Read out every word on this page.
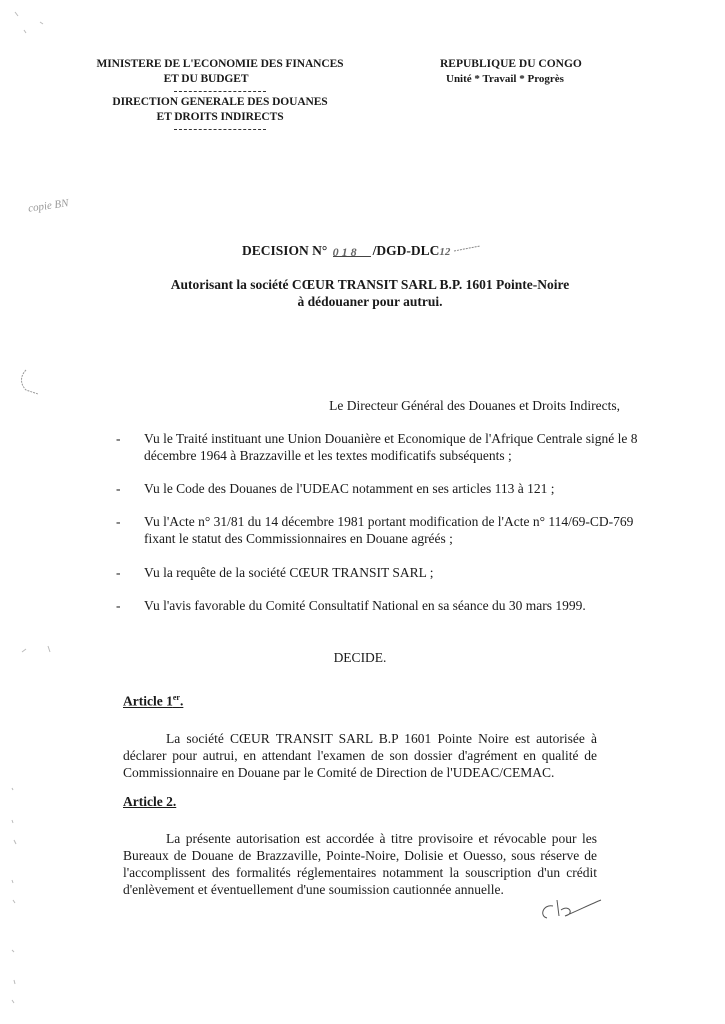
MINISTERE DE L'ECONOMIE DES FINANCES
ET DU BUDGET
DIRECTION GENERALE DES DOUANES
ET DROITS INDIRECTS
REPUBLIQUE DU CONGO
Unité * Travail * Progrès
copie BN
DECISION N° 0 1 8 /DGD-DLC12
Autorisant la société CŒUR TRANSIT SARL B.P. 1601 Pointe-Noire
à dédouaner pour autrui.
Le Directeur Général des Douanes et Droits Indirects,
- Vu le Traité instituant une Union Douanière et Economique de l'Afrique Centrale signé le 8 décembre 1964 à Brazzaville et les textes modificatifs subséquents ;
- Vu le Code des Douanes de l'UDEAC notamment en ses articles 113 à 121 ;
- Vu l'Acte n° 31/81 du 14 décembre 1981 portant modification de l'Acte n° 114/69-CD-769 fixant le statut des Commissionnaires en Douane agréés ;
- Vu la requête de la société CŒUR TRANSIT SARL ;
- Vu l'avis favorable du Comité Consultatif National en sa séance du 30 mars 1999.
DECIDE.
Article 1er.
La société CŒUR TRANSIT SARL B.P 1601 Pointe Noire est autorisée à déclarer pour autrui, en attendant l'examen de son dossier d'agrément en qualité de Commissionnaire en Douane par le Comité de Direction de l'UDEAC/CEMAC.
Article 2.
La présente autorisation est accordée à titre provisoire et révocable pour les Bureaux de Douane de Brazzaville, Pointe-Noire, Dolisie et Ouesso, sous réserve de l'accomplissent des formalités réglementaires notamment la souscription d'un crédit d'enlèvement et éventuellement d'une soumission cautionnée annuelle.
